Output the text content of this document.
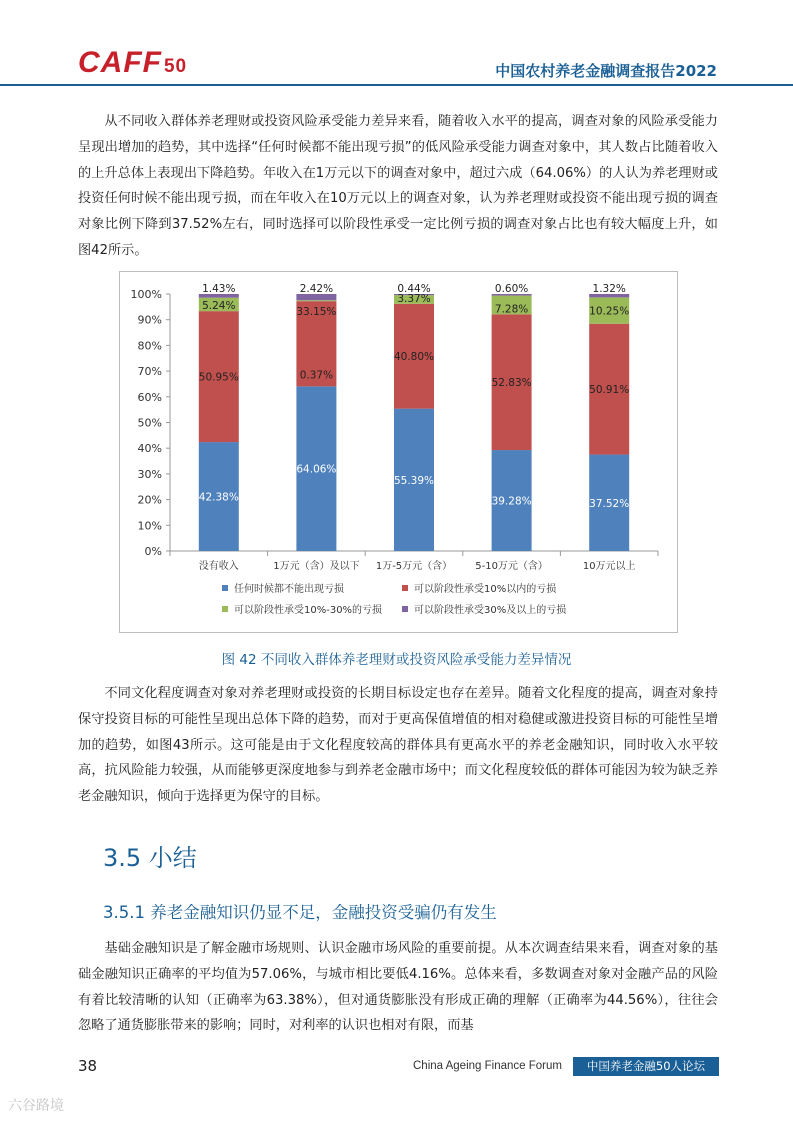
CAFF 50	中国农村养老金融调查报告2022

从不同收入群体养老理财或投资风险承受能力差异来看，随着收入水平的提高，调查对象的风险承受能力呈现出增加的趋势，其中选择“任何时候都不能出现亏损”的低风险承受能力调查对象中，其人数占比随着收入的上升总体上表现出下降趋势。年收入在1万元以下的调查对象中，超过六成（64.06%）的人认为养老理财或投资任何时候不能出现亏损，而在年收入在10万元以上的调查对象，认为养老理财或投资不能出现亏损的调查对象比例下降到37.52%左右，同时选择可以阶段性承受一定比例亏损的调查对象占比也有较大幅度上升，如图42所示。

0%
10%
20%
30%
40%
50%
60%
70%
80%
90%
100%
42.38%
50.95%
5.24%
1.43%
没有收入
64.06%
0.37%
33.15%
2.42%
1万元（含）及以下
55.39%
40.80%
3.37%
0.44%
1万-5万元（含）
39.28%
52.83%
7.28%
0.60%
5-10万元（含）
37.52%
50.91%
10.25%
1.32%
10万元以上
任何时候都不能出现亏损	可以阶段性承受10%以内的亏损
可以阶段性承受10%-30%的亏损	可以阶段性承受30%及以上的亏损
图 42 不同收入群体养老理财或投资风险承受能力差异情况

不同文化程度调查对象对养老理财或投资的长期目标设定也存在差异。随着文化程度的提高，调查对象持保守投资目标的可能性呈现出总体下降的趋势，而对于更高保值增值的相对稳健或激进投资目标的可能性呈增加的趋势，如图43所示。这可能是由于文化程度较高的群体具有更高水平的养老金融知识，同时收入水平较高，抗风险能力较强，从而能够更深度地参与到养老金融市场中；而文化程度较低的群体可能因为较为缺乏养老金融知识，倾向于选择更为保守的目标。

3.5 小结
3.5.1 养老金融知识仍显不足，金融投资受骗仍有发生

基础金融知识是了解金融市场规则、认识金融市场风险的重要前提。从本次调查结果来看，调查对象的基础金融知识正确率的平均值为57.06%，与城市相比要低4.16%。总体来看，多数调查对象对金融产品的风险有着比较清晰的认知（正确率为63.38%），但对通货膨胀没有形成正确的理解（正确率为44.56%），往往会忽略了通货膨胀带来的影响；同时，对利率的认识也相对有限，而基

38	China Ageing Finance Forum	中国养老金融50人论坛
六谷路境
